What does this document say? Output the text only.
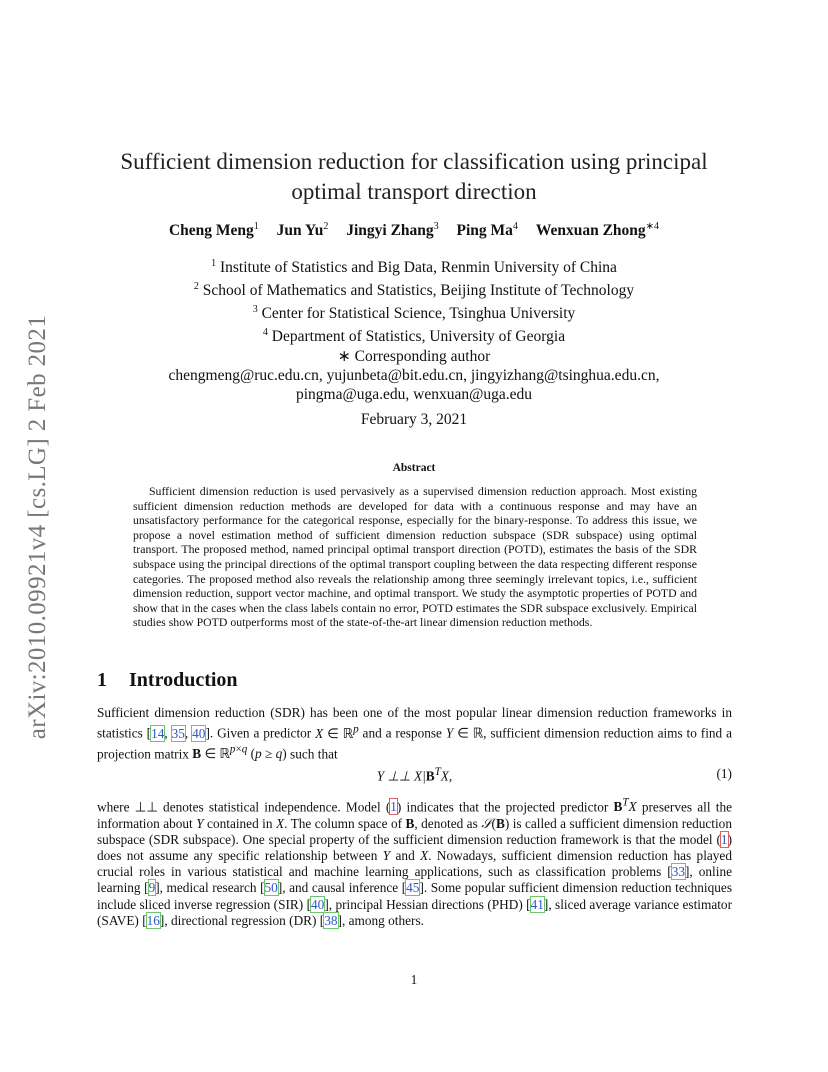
arXiv:2010.09921v4 [cs.LG] 2 Feb 2021
Sufficient dimension reduction for classification using principal
optimal transport direction
Cheng Meng$^1$ Jun Yu$^2$ Jingyi Zhang$^3$ Ping Ma$^4$ Wenxuan Zhong$^{∗4}$
$^1$ Institute of Statistics and Big Data, Renmin University of China
$^2$ School of Mathematics and Statistics, Beijing Institute of Technology
$^3$ Center for Statistical Science, Tsinghua University
$^4$ Department of Statistics, University of Georgia
∗ Corresponding author
chengmeng@ruc.edu.cn, yujunbeta@bit.edu.cn, jingyizhang@tsinghua.edu.cn,
pingma@uga.edu, wenxuan@uga.edu
February 3, 2021
Abstract
Sufficient dimension reduction is used pervasively as a supervised dimension reduction approach. Most existing sufficient dimension reduction methods are developed for data with a continuous response and may have an unsatisfactory performance for the categorical response, especially for the binary-response. To address this issue, we propose a novel estimation method of sufficient dimension reduction subspace (SDR subspace) using optimal transport. The proposed method, named principal optimal transport direction (POTD), estimates the basis of the SDR subspace using the principal directions of the optimal transport coupling between the data respecting different response categories. The proposed method also reveals the relationship among three seemingly irrelevant topics, i.e., sufficient dimension reduction, support vector machine, and optimal transport. We study the asymptotic properties of POTD and show that in the cases when the class labels contain no error, POTD estimates the SDR subspace exclusively. Empirical studies show POTD outperforms most of the state-of-the-art linear dimension reduction methods.
1 Introduction
Sufficient dimension reduction (SDR) has been one of the most popular linear dimension reduction frameworks in statistics [14, 35, 40]. Given a predictor X ∈ ℝ$^p$ and a response Y ∈ ℝ, sufficient dimension reduction aims to find a projection matrix B ∈ ℝ$^{p\times q}$ (p ≥ q) such that
Y ⊥⊥ $X|B^TX$,	(1)
where ⊥⊥ denotes statistical independence. Model (1) indicates that the projected predictor $B^TX$ preserves all the information about Y contained in X. The column space of B, denoted as 𝒮(B) is called a sufficient dimension reduction subspace (SDR subspace). One special property of the sufficient dimension reduction framework is that the model (1) does not assume any specific relationship between Y and X. Nowadays, sufficient dimension reduction has played crucial roles in various statistical and machine learning applications, such as classification problems [33], online learning [9], medical research [50], and causal inference [45]. Some popular sufficient dimension reduction techniques include sliced inverse regression (SIR) [40], principal Hessian directions (PHD) [41], sliced average variance estimator (SAVE) [16], directional regression (DR) [38], among others.
1
